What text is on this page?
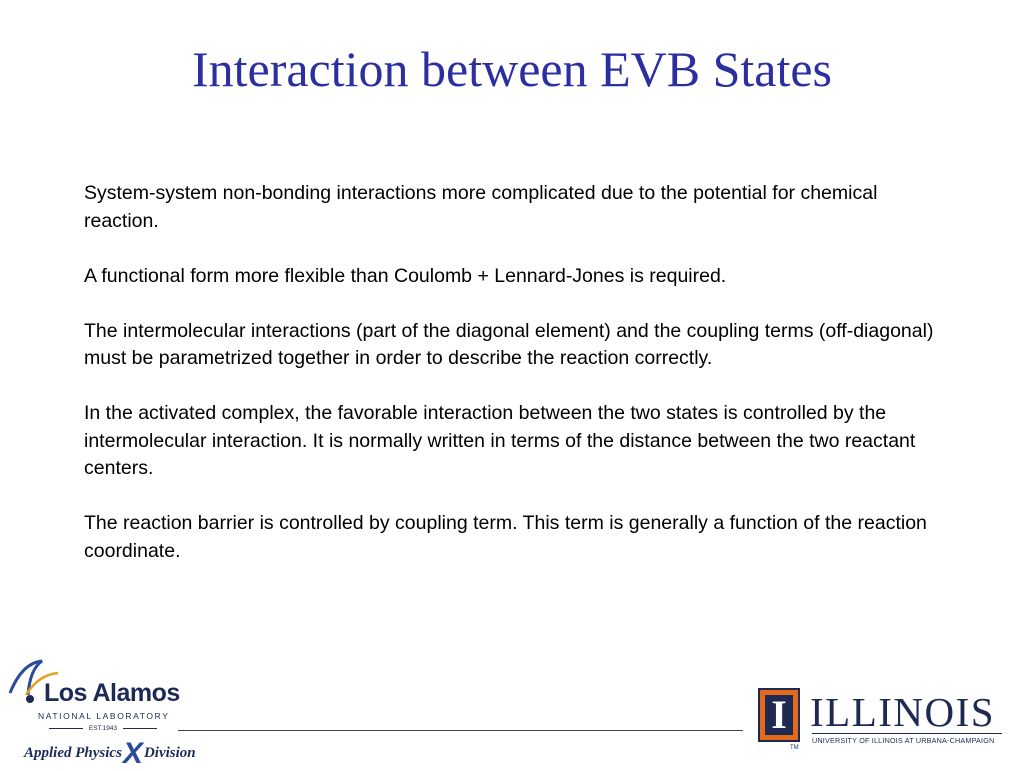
Interaction between EVB States

System-system non-bonding interactions more complicated due to the potential for chemical reaction.

A functional form more flexible than Coulomb + Lennard-Jones is required.

The intermolecular interactions (part of the diagonal element) and the coupling terms (off-diagonal) must be parametrized together in order to describe the reaction correctly.

In the activated complex, the favorable interaction between the two states is controlled by the intermolecular interaction. It is normally written in terms of the distance between the two reactant centers.

The reaction barrier is controlled by coupling term. This term is generally a function of the reaction coordinate.

Los Alamos
NATIONAL LABORATORY
EST.1943
Applied PhysicsXDivision
I
TM
ILLINOIS
UNIVERSITY OF ILLINOIS AT URBANA-CHAMPAIGN
